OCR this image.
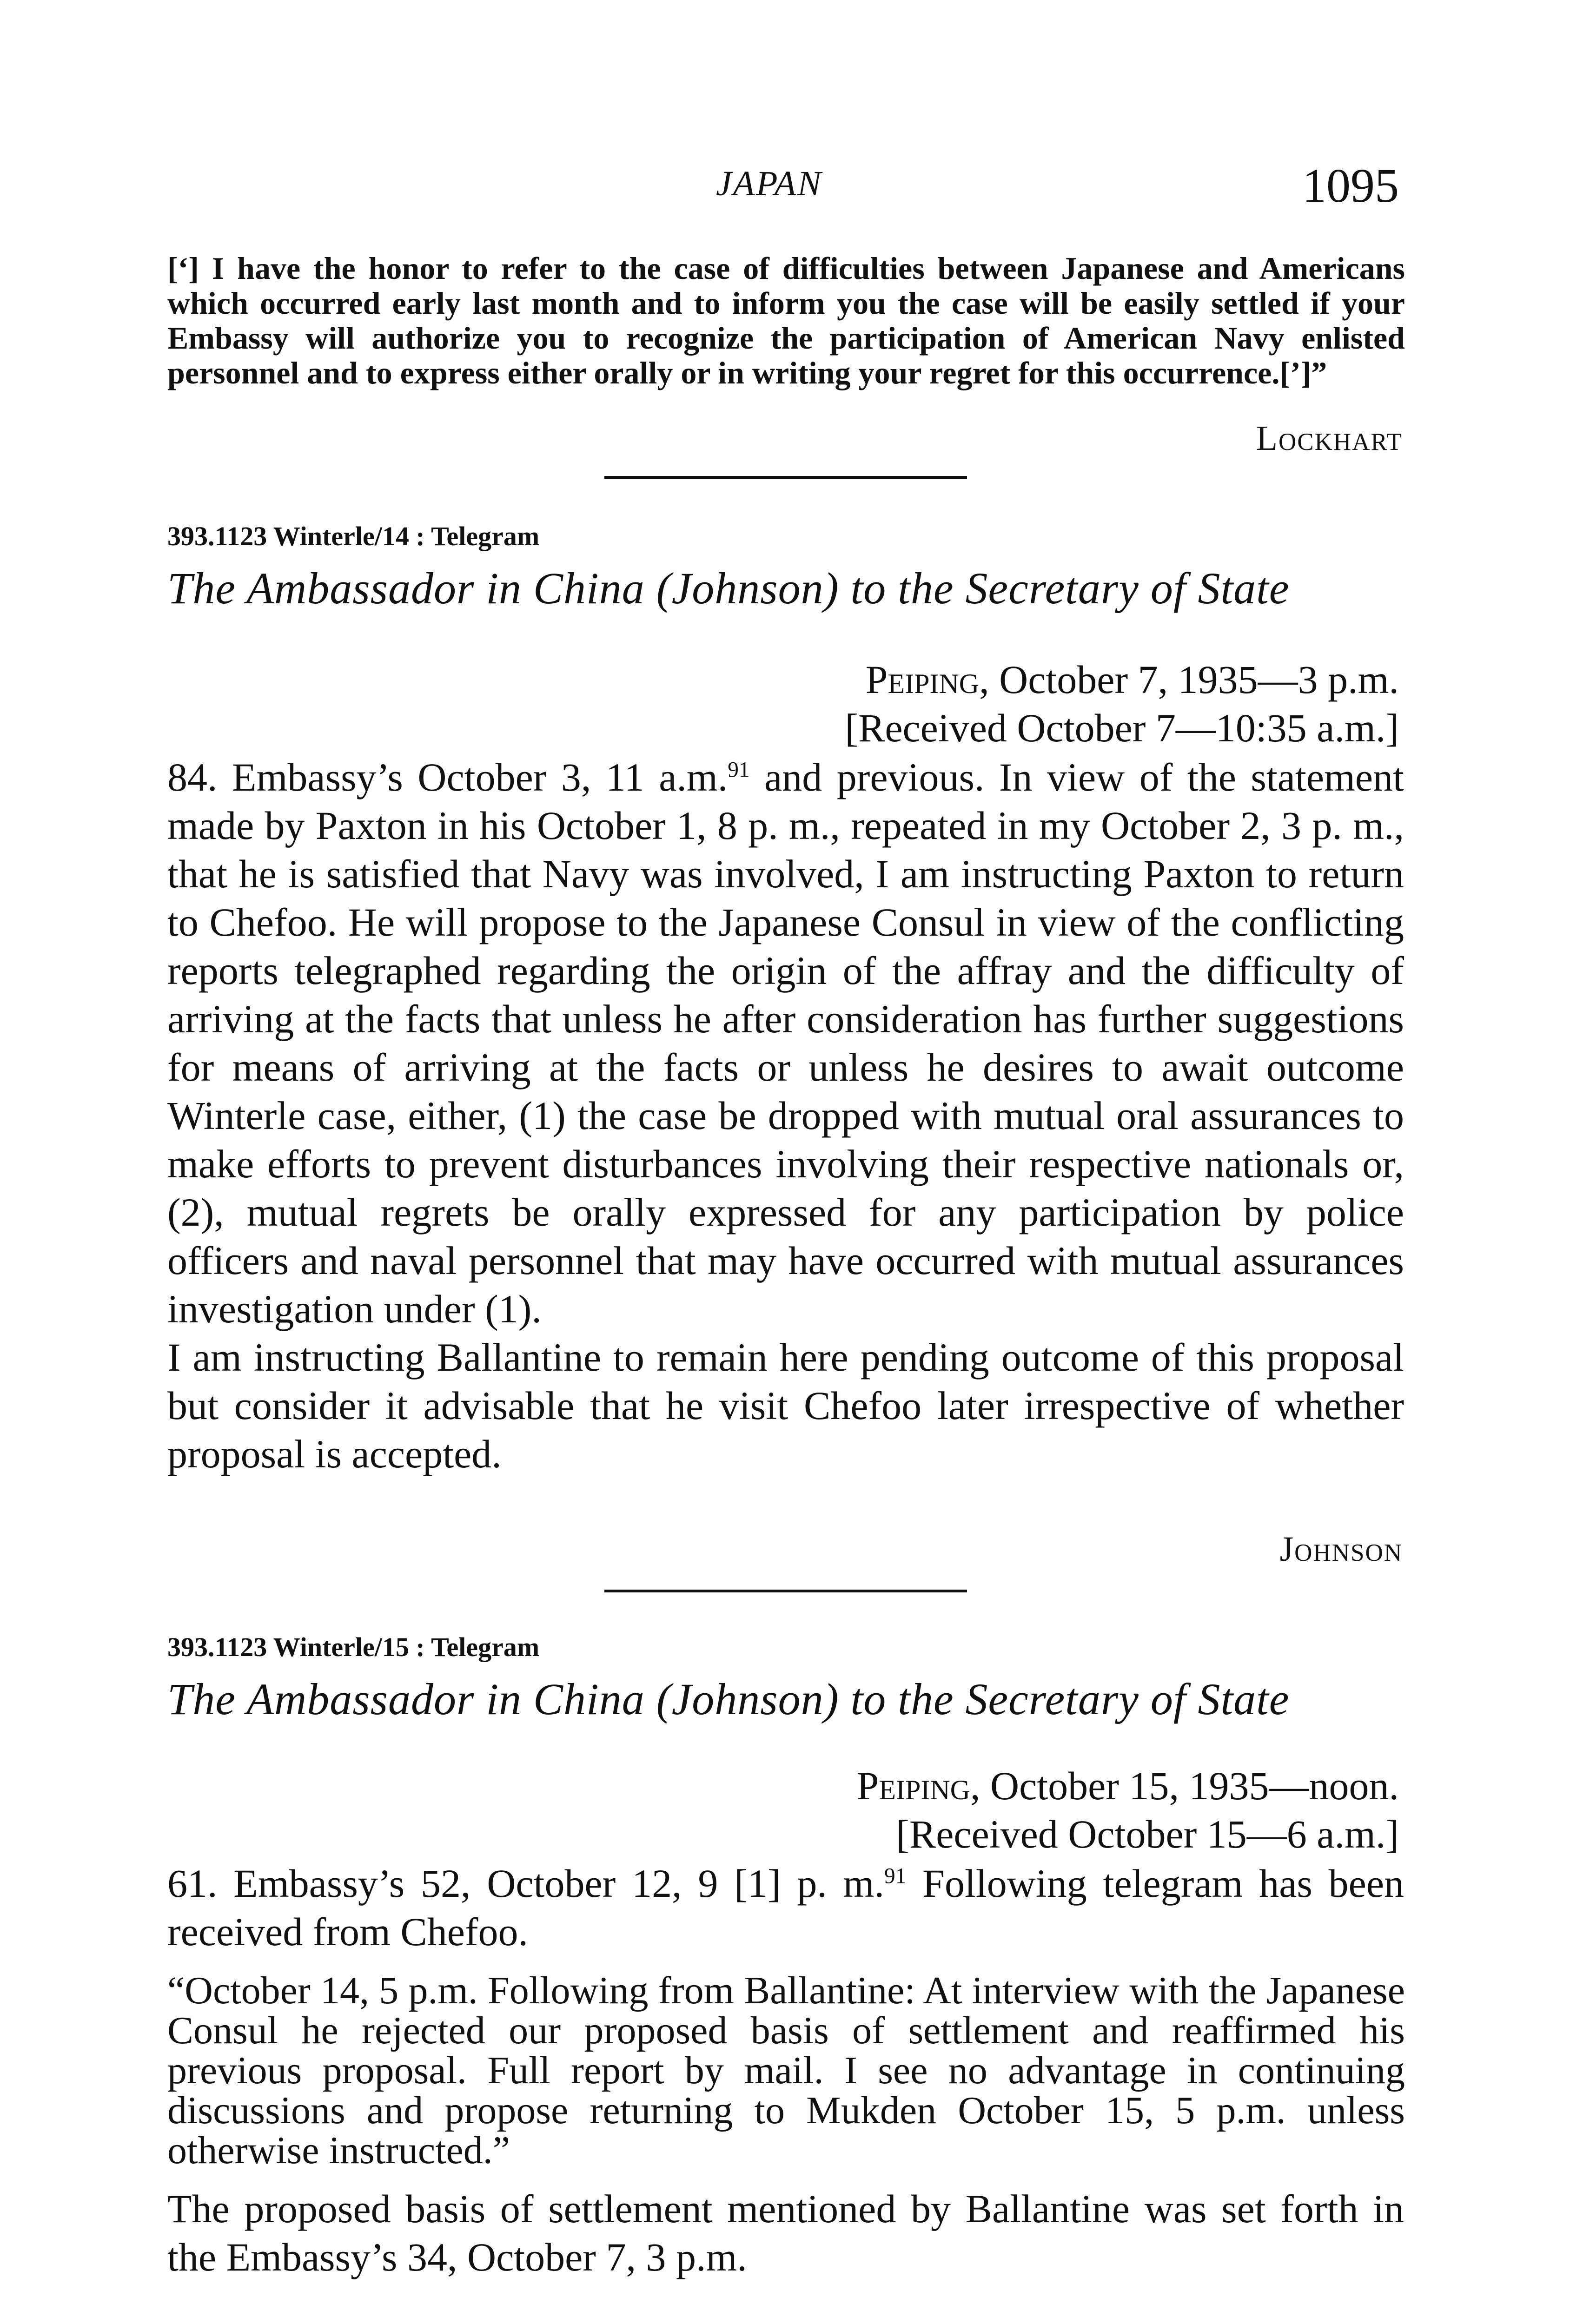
JAPAN	1095
[‘] I have the honor to refer to the case of difficulties between Japanese and Americans which occurred early last month and to inform you the case will be easily settled if your Embassy will authorize you to recognize the participation of American Navy enlisted personnel and to express either orally or in writing your regret for this occurrence.[’]”
Lockhart
393.1123 Winterle/14 : Telegram
The Ambassador in China (Johnson) to the Secretary of State
Peiping, October 7, 1935—3 p.m.
[Received October 7—10:35 a.m.]
84. Embassy’s October 3, 11 a.m.$^{91}$ and previous. In view of the statement made by Paxton in his October 1, 8 p. m., repeated in my October 2, 3 p. m., that he is satisfied that Navy was involved, I am instructing Paxton to return to Chefoo. He will propose to the Japanese Consul in view of the conflicting reports telegraphed regarding the origin of the affray and the difficulty of arriving at the facts that unless he after consideration has further suggestions for means of arriving at the facts or unless he desires to await outcome Winterle case, either, (1) the case be dropped with mutual oral assurances to make efforts to prevent disturbances involving their respective nationals or, (2), mutual regrets be orally expressed for any participation by police officers and naval personnel that may have occurred with mutual assurances investigation under (1).
I am instructing Ballantine to remain here pending outcome of this proposal but consider it advisable that he visit Chefoo later irrespective of whether proposal is accepted.
Johnson
393.1123 Winterle/15 : Telegram
The Ambassador in China (Johnson) to the Secretary of State
Peiping, October 15, 1935—noon.
[Received October 15—6 a.m.]
61. Embassy’s 52, October 12, 9 [1] p. m.$^{91}$ Following telegram has been received from Chefoo.
“October 14, 5 p.m. Following from Ballantine: At interview with the Japanese Consul he rejected our proposed basis of settlement and reaffirmed his previous proposal. Full report by mail. I see no advantage in continuing discussions and propose returning to Mukden October 15, 5 p.m. unless otherwise instructed.”
The proposed basis of settlement mentioned by Ballantine was set forth in the Embassy’s 34, October 7, 3 p.m.
